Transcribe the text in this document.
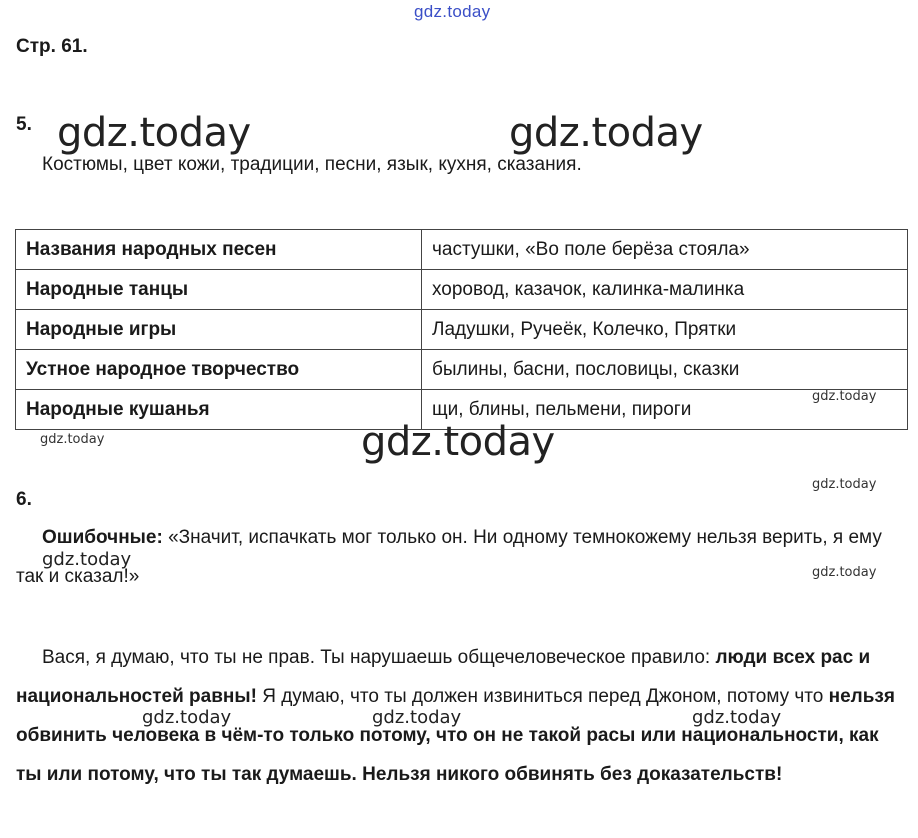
gdz.today
Стр. 61.
5. gdz.today	gdz.today
Костюмы, цвет кожи, традиции, песни, язык, кухня, сказания.
Названия народных песен	частушки, «Во поле берёза стояла»
Народные танцы	хоровод, казачок, калинка-малинка
Народные игры	Ладушки, Ручеёк, Колечко, Прятки
Устное народное творчество	былины, басни, пословицы, сказки
Народные кушанья	щи, блины, пельмени, пироги
gdz.today
gdz.today	gdz.today
gdz.today
6.
Ошибочные: «Значит, испачкать мог только он. Ни одному темнокожему нельзя верить, я ему так и сказал!»
gdz.today
gdz.today
Вася, я думаю, что ты не прав. Ты нарушаешь общечеловеческое правило: люди всех рас и национальностей равны! Я думаю, что ты должен извиниться перед Джоном, потому что нельзя обвинить человека в чём-то только потому, что он не такой расы или национальности, как ты или потому, что ты так думаешь. Нельзя никого обвинять без доказательств!
gdz.today	gdz.today	gdz.today
